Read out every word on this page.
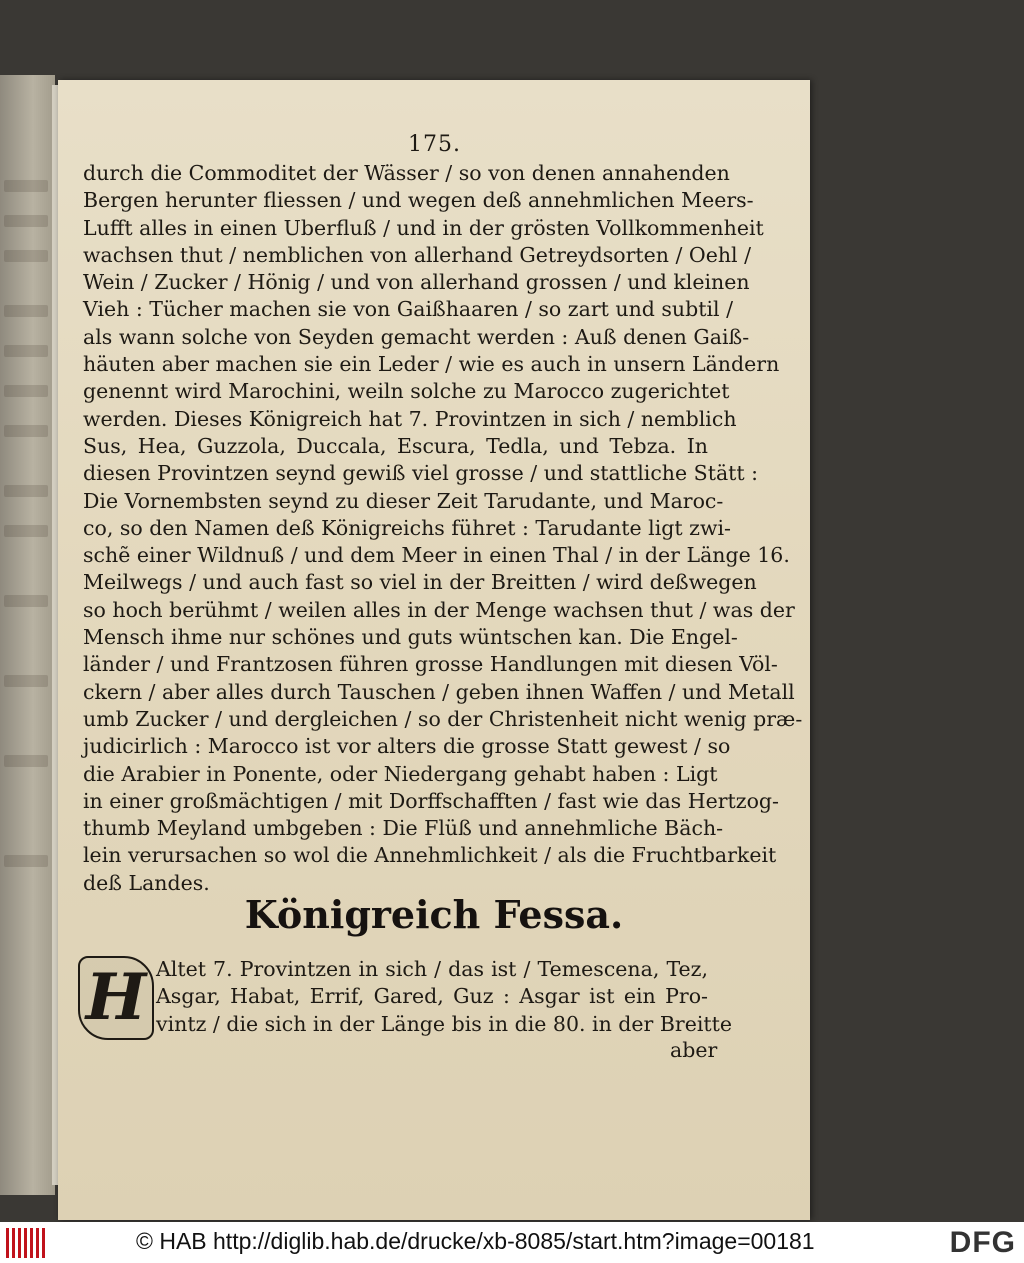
175.
durch die Commoditet der Wässer / so von denen annahenden
Bergen herunter fliessen / und wegen deß annehmlichen Meers-
Lufft alles in einen Uberfluß / und in der grösten Vollkommenheit
wachsen thut / nemblichen von allerhand Getreydsorten / Oehl /
Wein / Zucker / Hönig / und von allerhand grossen / und kleinen
Vieh : Tücher machen sie von Gaißhaaren / so zart und subtil /
als wann solche von Seyden gemacht werden : Auß denen Gaiß-
häuten aber machen sie ein Leder / wie es auch in unsern Ländern
genennt wird Marochini, weiln solche zu Marocco zugerichtet
werden. Dieses Königreich hat 7. Provintzen in sich / nemblich
Sus, Hea, Guzzola, Duccala, Escura, Tedla, und Tebza. In
diesen Provintzen seynd gewiß viel grosse / und stattliche Stätt :
Die Vornembsten seynd zu dieser Zeit Tarudante, und Maroc-
co, so den Namen deß Königreichs führet : Tarudante ligt zwi-
schẽ einer Wildnuß / und dem Meer in einen Thal / in der Länge 16.
Meilwegs / und auch fast so viel in der Breitten / wird deßwegen
so hoch berühmt / weilen alles in der Menge wachsen thut / was der
Mensch ihme nur schönes und guts wüntschen kan. Die Engel-
länder / und Frantzosen führen grosse Handlungen mit diesen Völ-
ckern / aber alles durch Tauschen / geben ihnen Waffen / und Metall
umb Zucker / und dergleichen / so der Christenheit nicht wenig præ-
judicirlich : Marocco ist vor alters die grosse Statt gewest / so
die Arabier in Ponente, oder Niedergang gehabt haben : Ligt
in einer großmächtigen / mit Dorffschafften / fast wie das Hertzog-
thumb Meyland umbgeben : Die Flüß und annehmliche Bäch-
lein verursachen so wol die Annehmlichkeit / als die Fruchtbarkeit
deß Landes.
Königreich Fessa.
H Altet 7. Provintzen in sich / das ist / Temescena, Tez,
Asgar, Habat, Errif, Gared, Guz : Asgar ist ein Pro-
vintz / die sich in der Länge bis in die 80. in der Breitte
aber
© HAB http://diglib.hab.de/drucke/xb-8085/start.htm?image=00181	DFG
